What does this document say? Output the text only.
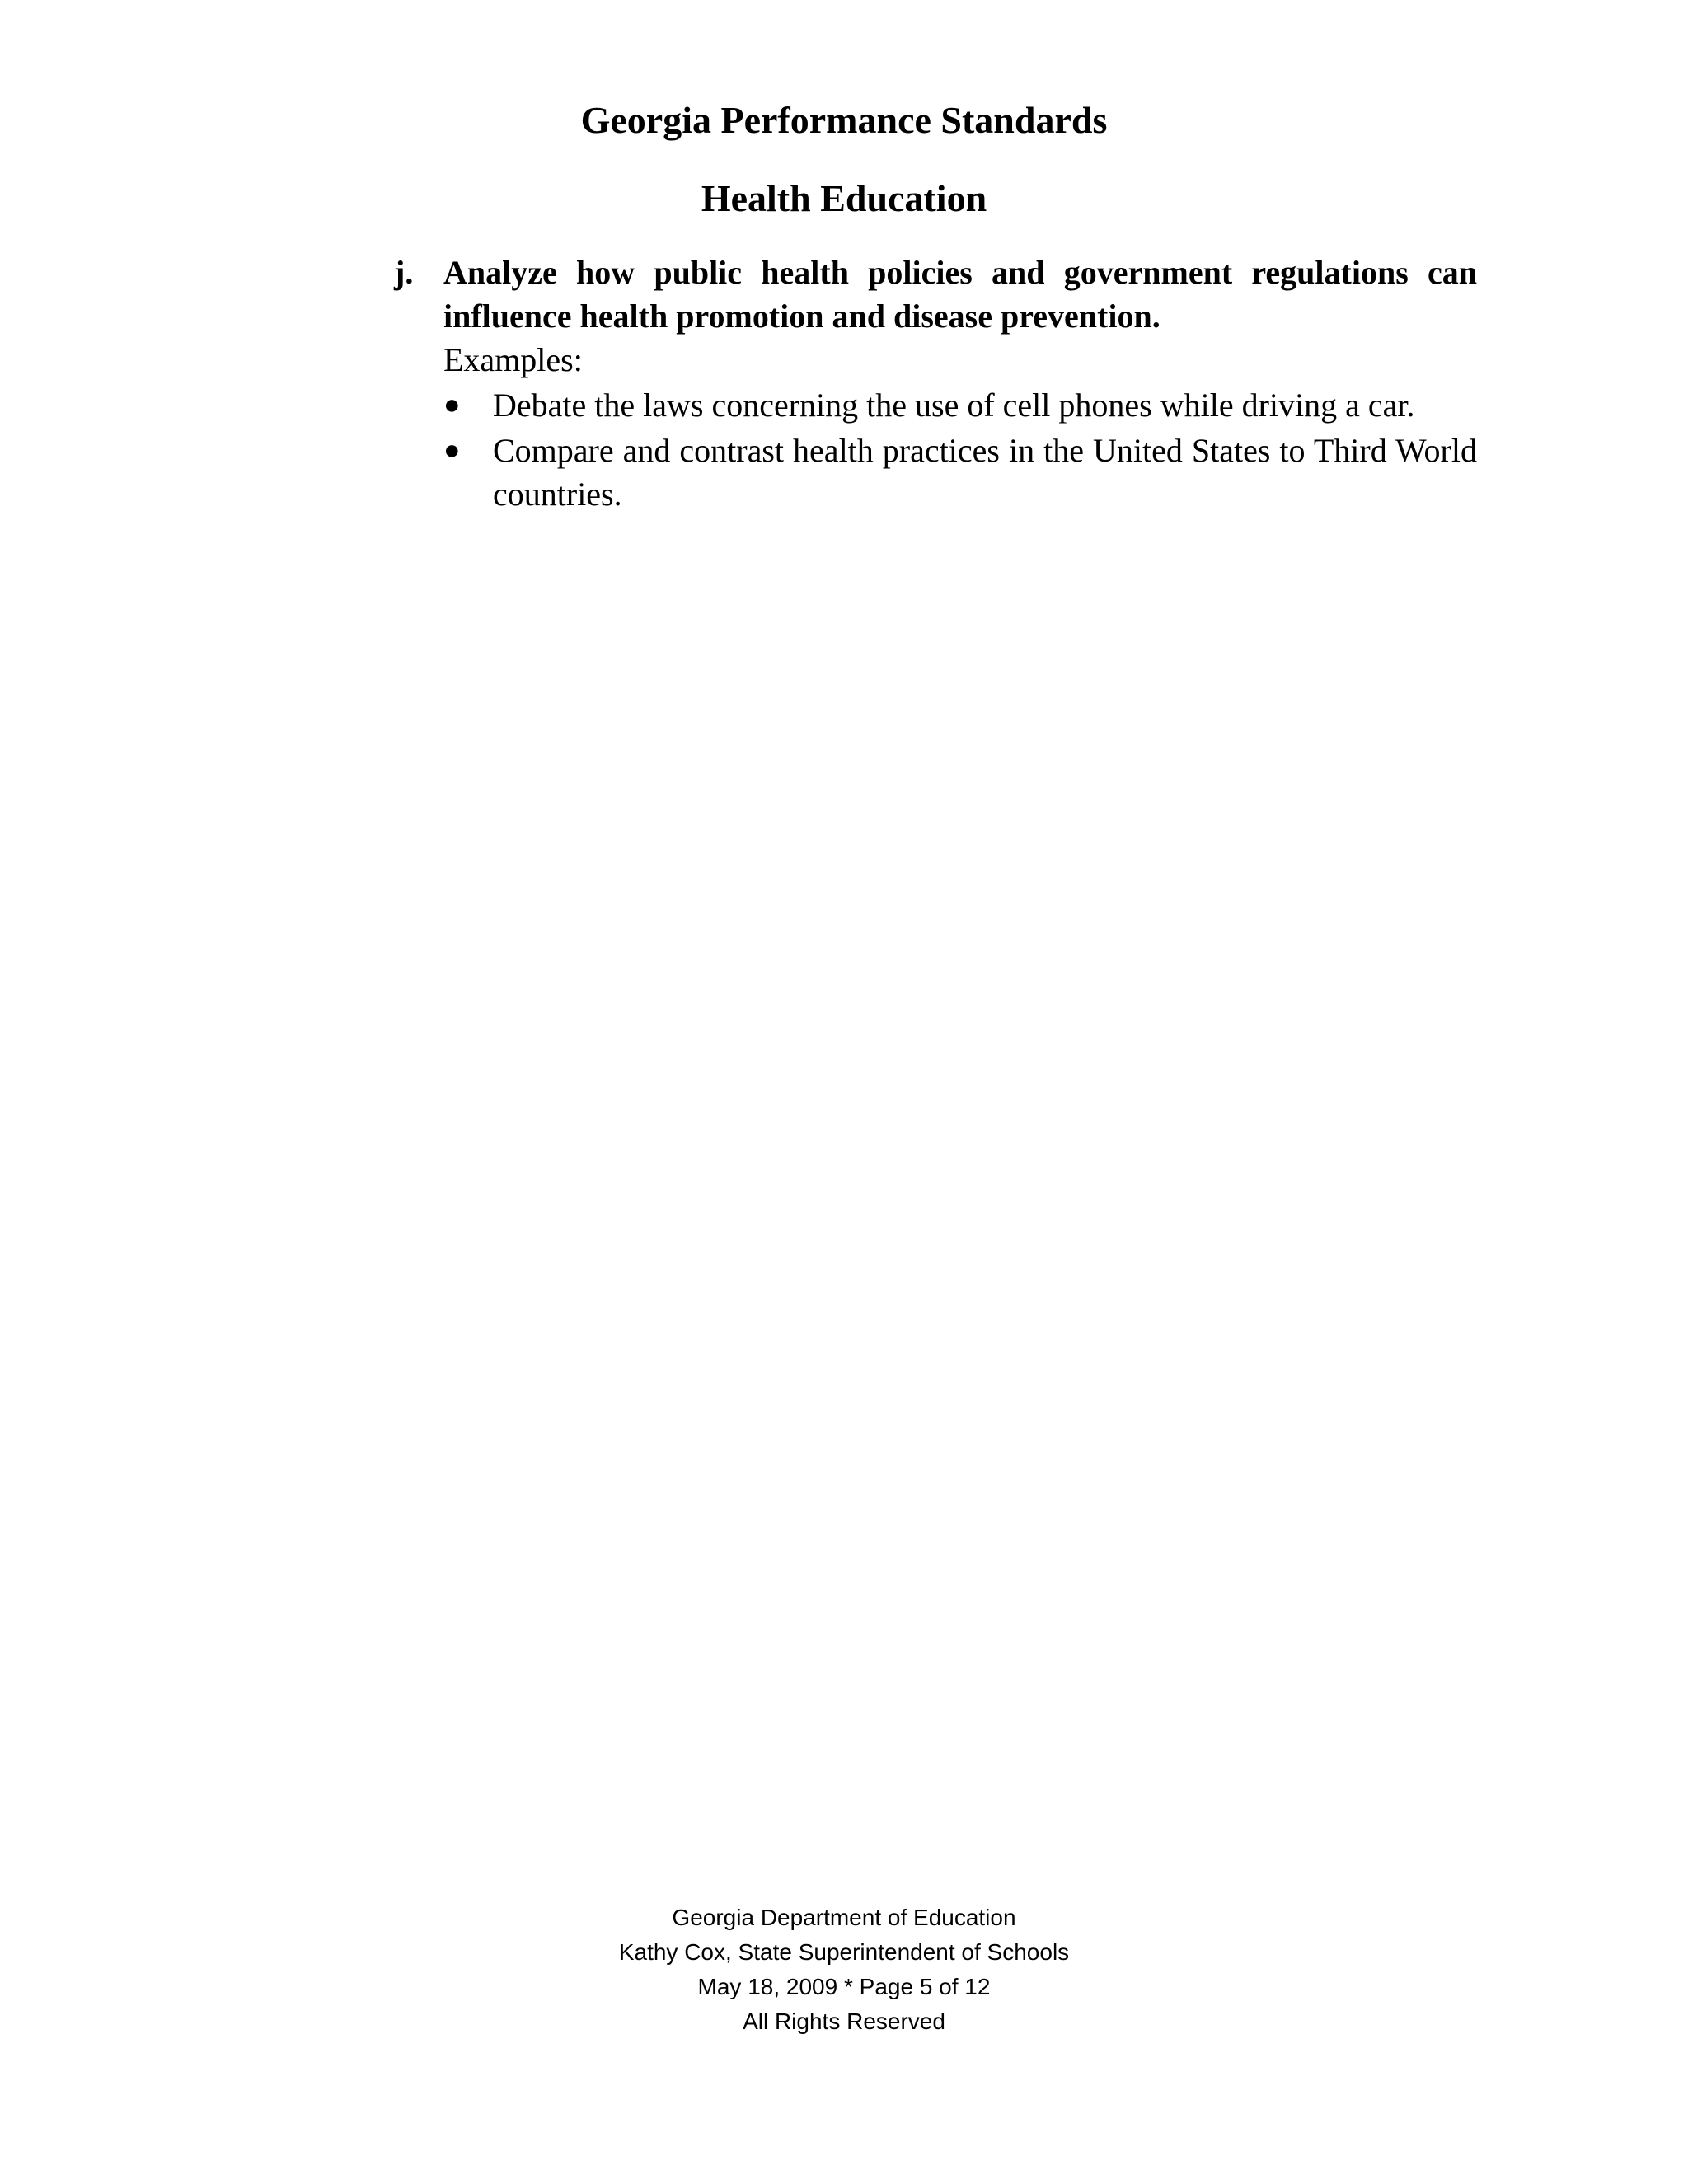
Georgia Performance Standards
Health Education
j. Analyze how public health policies and government regulations can influence health promotion and disease prevention.
Examples:
● Debate the laws concerning the use of cell phones while driving a car.
● Compare and contrast health practices in the United States to Third World countries.
Georgia Department of Education
Kathy Cox, State Superintendent of Schools
May 18, 2009 * Page 5 of 12
All Rights Reserved
